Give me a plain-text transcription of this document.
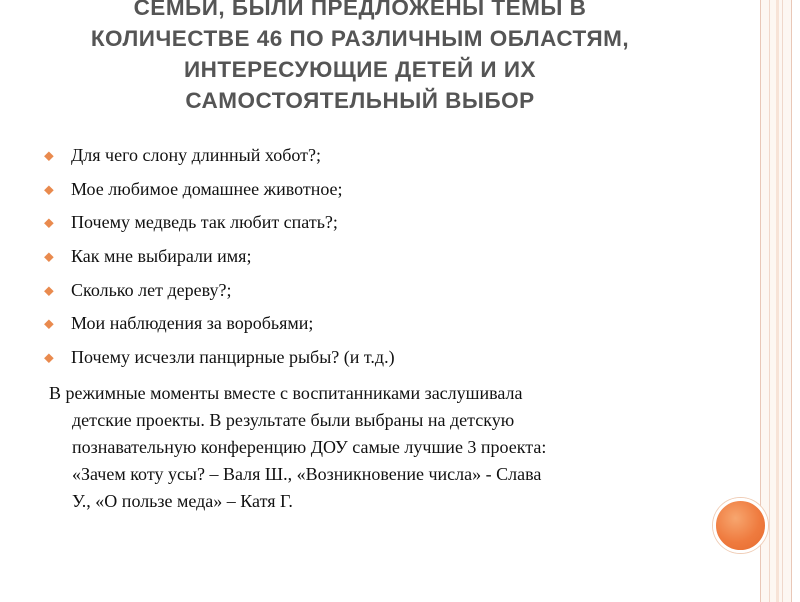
СЕМЬИ, БЫЛИ ПРЕДЛОЖЕНЫ ТЕМЫ В
КОЛИЧЕСТВЕ 46 ПО РАЗЛИЧНЫМ ОБЛАСТЯМ,
ИНТЕРЕСУЮЩИЕ ДЕТЕЙ И ИХ
САМОСТОЯТЕЛЬНЫЙ ВЫБОР
⬥ Для чего слону длинный хобот?;
⬥ Мое любимое домашнее животное;
⬥ Почему медведь так любит спать?;
⬥ Как мне выбирали имя;
⬥ Сколько лет дереву?;
⬥ Мои наблюдения за воробьями;
⬥ Почему исчезли панцирные рыбы? (и т.д.)
В режимные моменты вместе с воспитанниками заслушивала
детские проекты. В результате были выбраны на детскую
познавательную конференцию ДОУ самые лучшие 3 проекта:
«Зачем коту усы? – Валя Ш., «Возникновение числа» - Слава
У., «О пользе меда» – Катя Г.
